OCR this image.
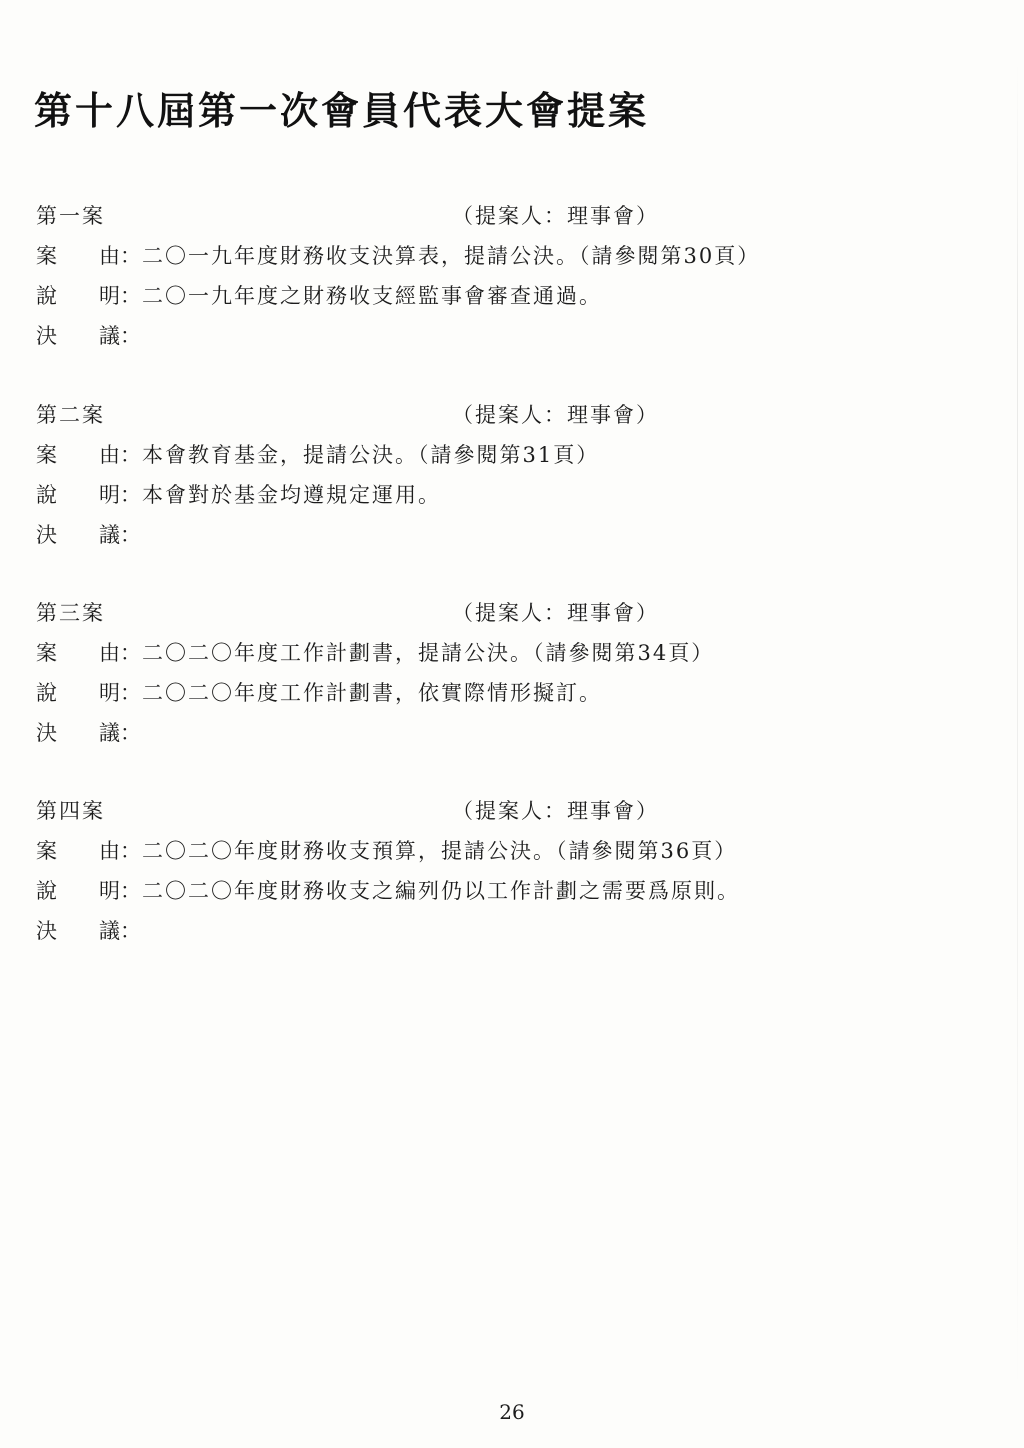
第十八屆第一次會員代表大會提案
第一案	（提案人：理事會）
案 由 ： 二〇一九年度財務收支決算表，提請公決。（請參閱第30頁）
說 明 ： 二〇一九年度之財務收支經監事會審查通過。
決 議 ：
第二案	（提案人：理事會）
案 由 ： 本會教育基金，提請公決。（請參閱第31頁）
說 明 ： 本會對於基金均遵規定運用。
決 議 ：
第三案	（提案人：理事會）
案 由 ： 二〇二〇年度工作計劃書，提請公決。（請參閱第34頁）
說 明 ： 二〇二〇年度工作計劃書，依實際情形擬訂。
決 議 ：
第四案	（提案人：理事會）
案 由 ： 二〇二〇年度財務收支預算，提請公決。（請參閱第36頁）
說 明 ： 二〇二〇年度財務收支之編列仍以工作計劃之需要爲原則。
決 議 ：
26
